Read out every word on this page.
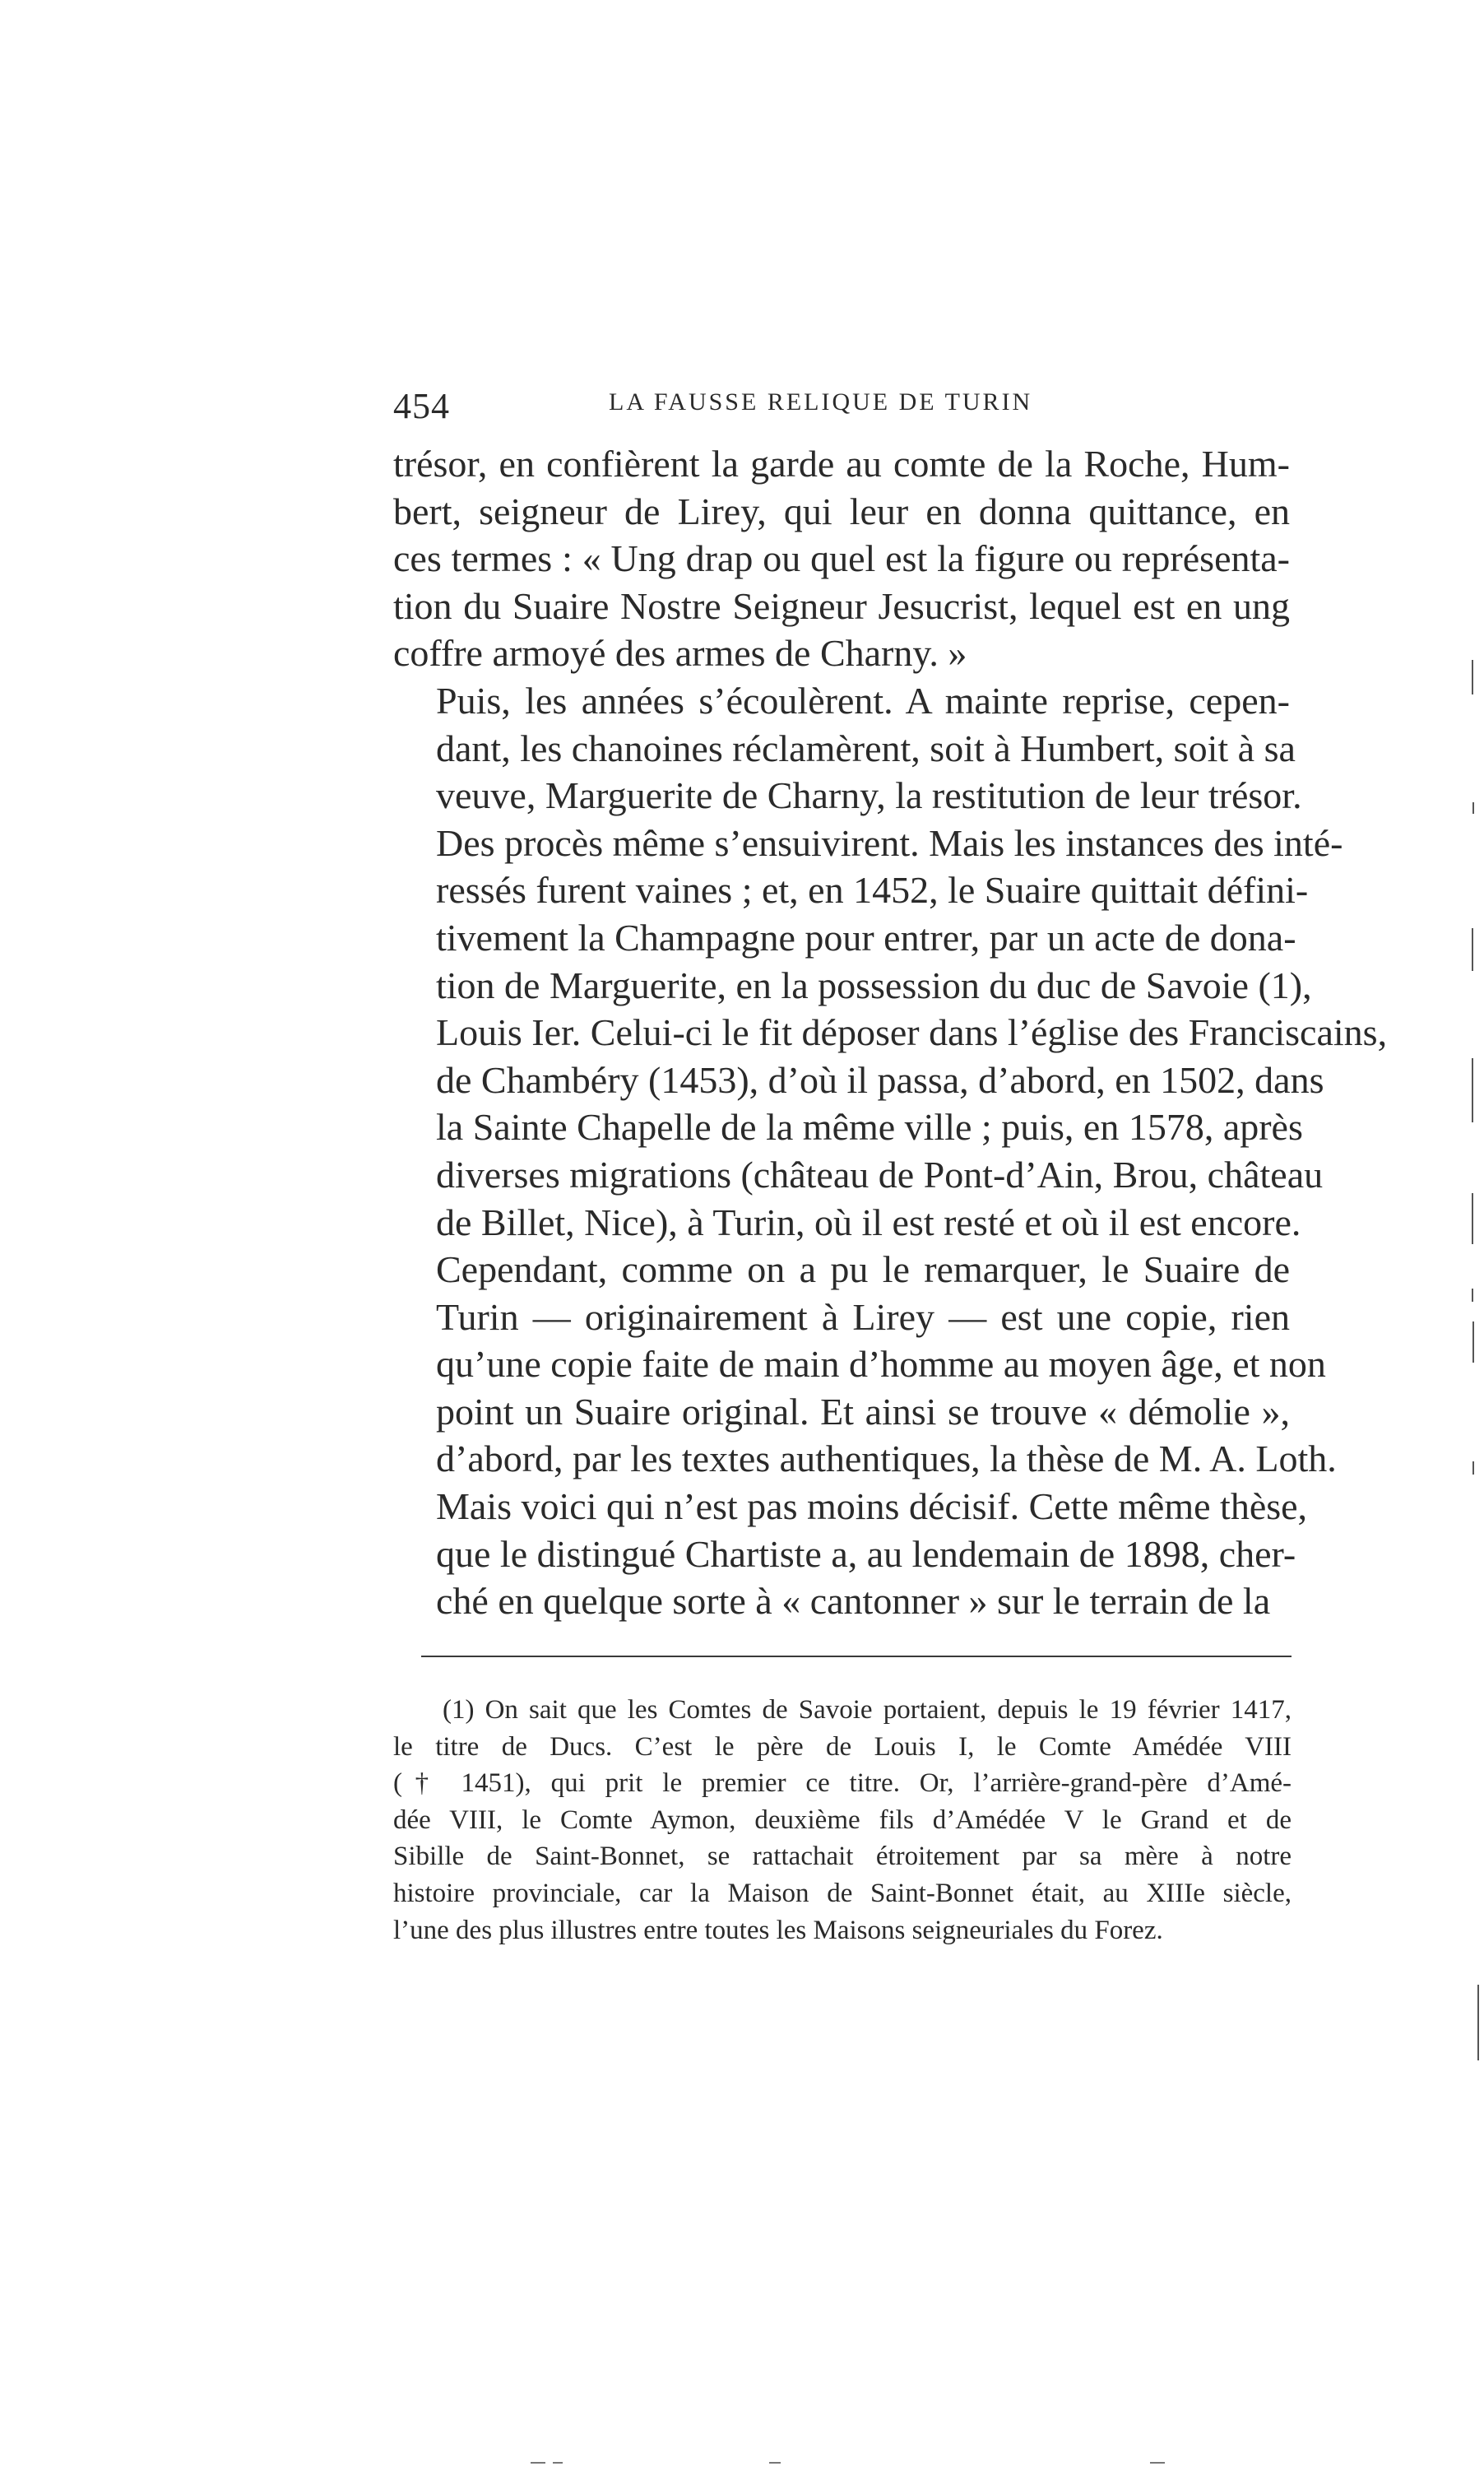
454	LA FAUSSE RELIQUE DE TURIN

trésor, en confièrent la garde au comte de la Roche, Hum-
bert, seigneur de Lirey, qui leur en donna quittance, en
ces termes : « Ung drap ou quel est la figure ou représenta-
tion du Suaire Nostre Seigneur Jesucrist, lequel est en ung
coffre armoyé des armes de Charny. »

Puis, les années s’écoulèrent. A mainte reprise, cepen-
dant, les chanoines réclamèrent, soit à Humbert, soit à sa
veuve, Marguerite de Charny, la restitution de leur trésor.
Des procès même s’ensuivirent. Mais les instances des inté-
ressés furent vaines ; et, en 1452, le Suaire quittait défini-
tivement la Champagne pour entrer, par un acte de dona-
tion de Marguerite, en la possession du duc de Savoie (1),
Louis Ier. Celui-ci le fit déposer dans l’église des Franciscains,
de Chambéry (1453), d’où il passa, d’abord, en 1502, dans
la Sainte Chapelle de la même ville ; puis, en 1578, après
diverses migrations (château de Pont-d’Ain, Brou, château
de Billet, Nice), à Turin, où il est resté et où il est encore.

Cependant, comme on a pu le remarquer, le Suaire de
Turin — originairement à Lirey — est une copie, rien
qu’une copie faite de main d’homme au moyen âge, et non
point un Suaire original. Et ainsi se trouve « démolie »,
d’abord, par les textes authentiques, la thèse de M. A. Loth.
Mais voici qui n’est pas moins décisif. Cette même thèse,
que le distingué Chartiste a, au lendemain de 1898, cher-
ché en quelque sorte à « cantonner » sur le terrain de la

(1) On sait que les Comtes de Savoie portaient, depuis le 19 février 1417,
le titre de Ducs. C’est le père de Louis I, le Comte Amédée VIII
(† 1451), qui prit le premier ce titre. Or, l’arrière-grand-père d’Amé-
dée VIII, le Comte Aymon, deuxième fils d’Amédée V le Grand et de
Sibille de Saint-Bonnet, se rattachait étroitement par sa mère à notre
histoire provinciale, car la Maison de Saint-Bonnet était, au XIIIe siècle,
l’une des plus illustres entre toutes les Maisons seigneuriales du Forez.
